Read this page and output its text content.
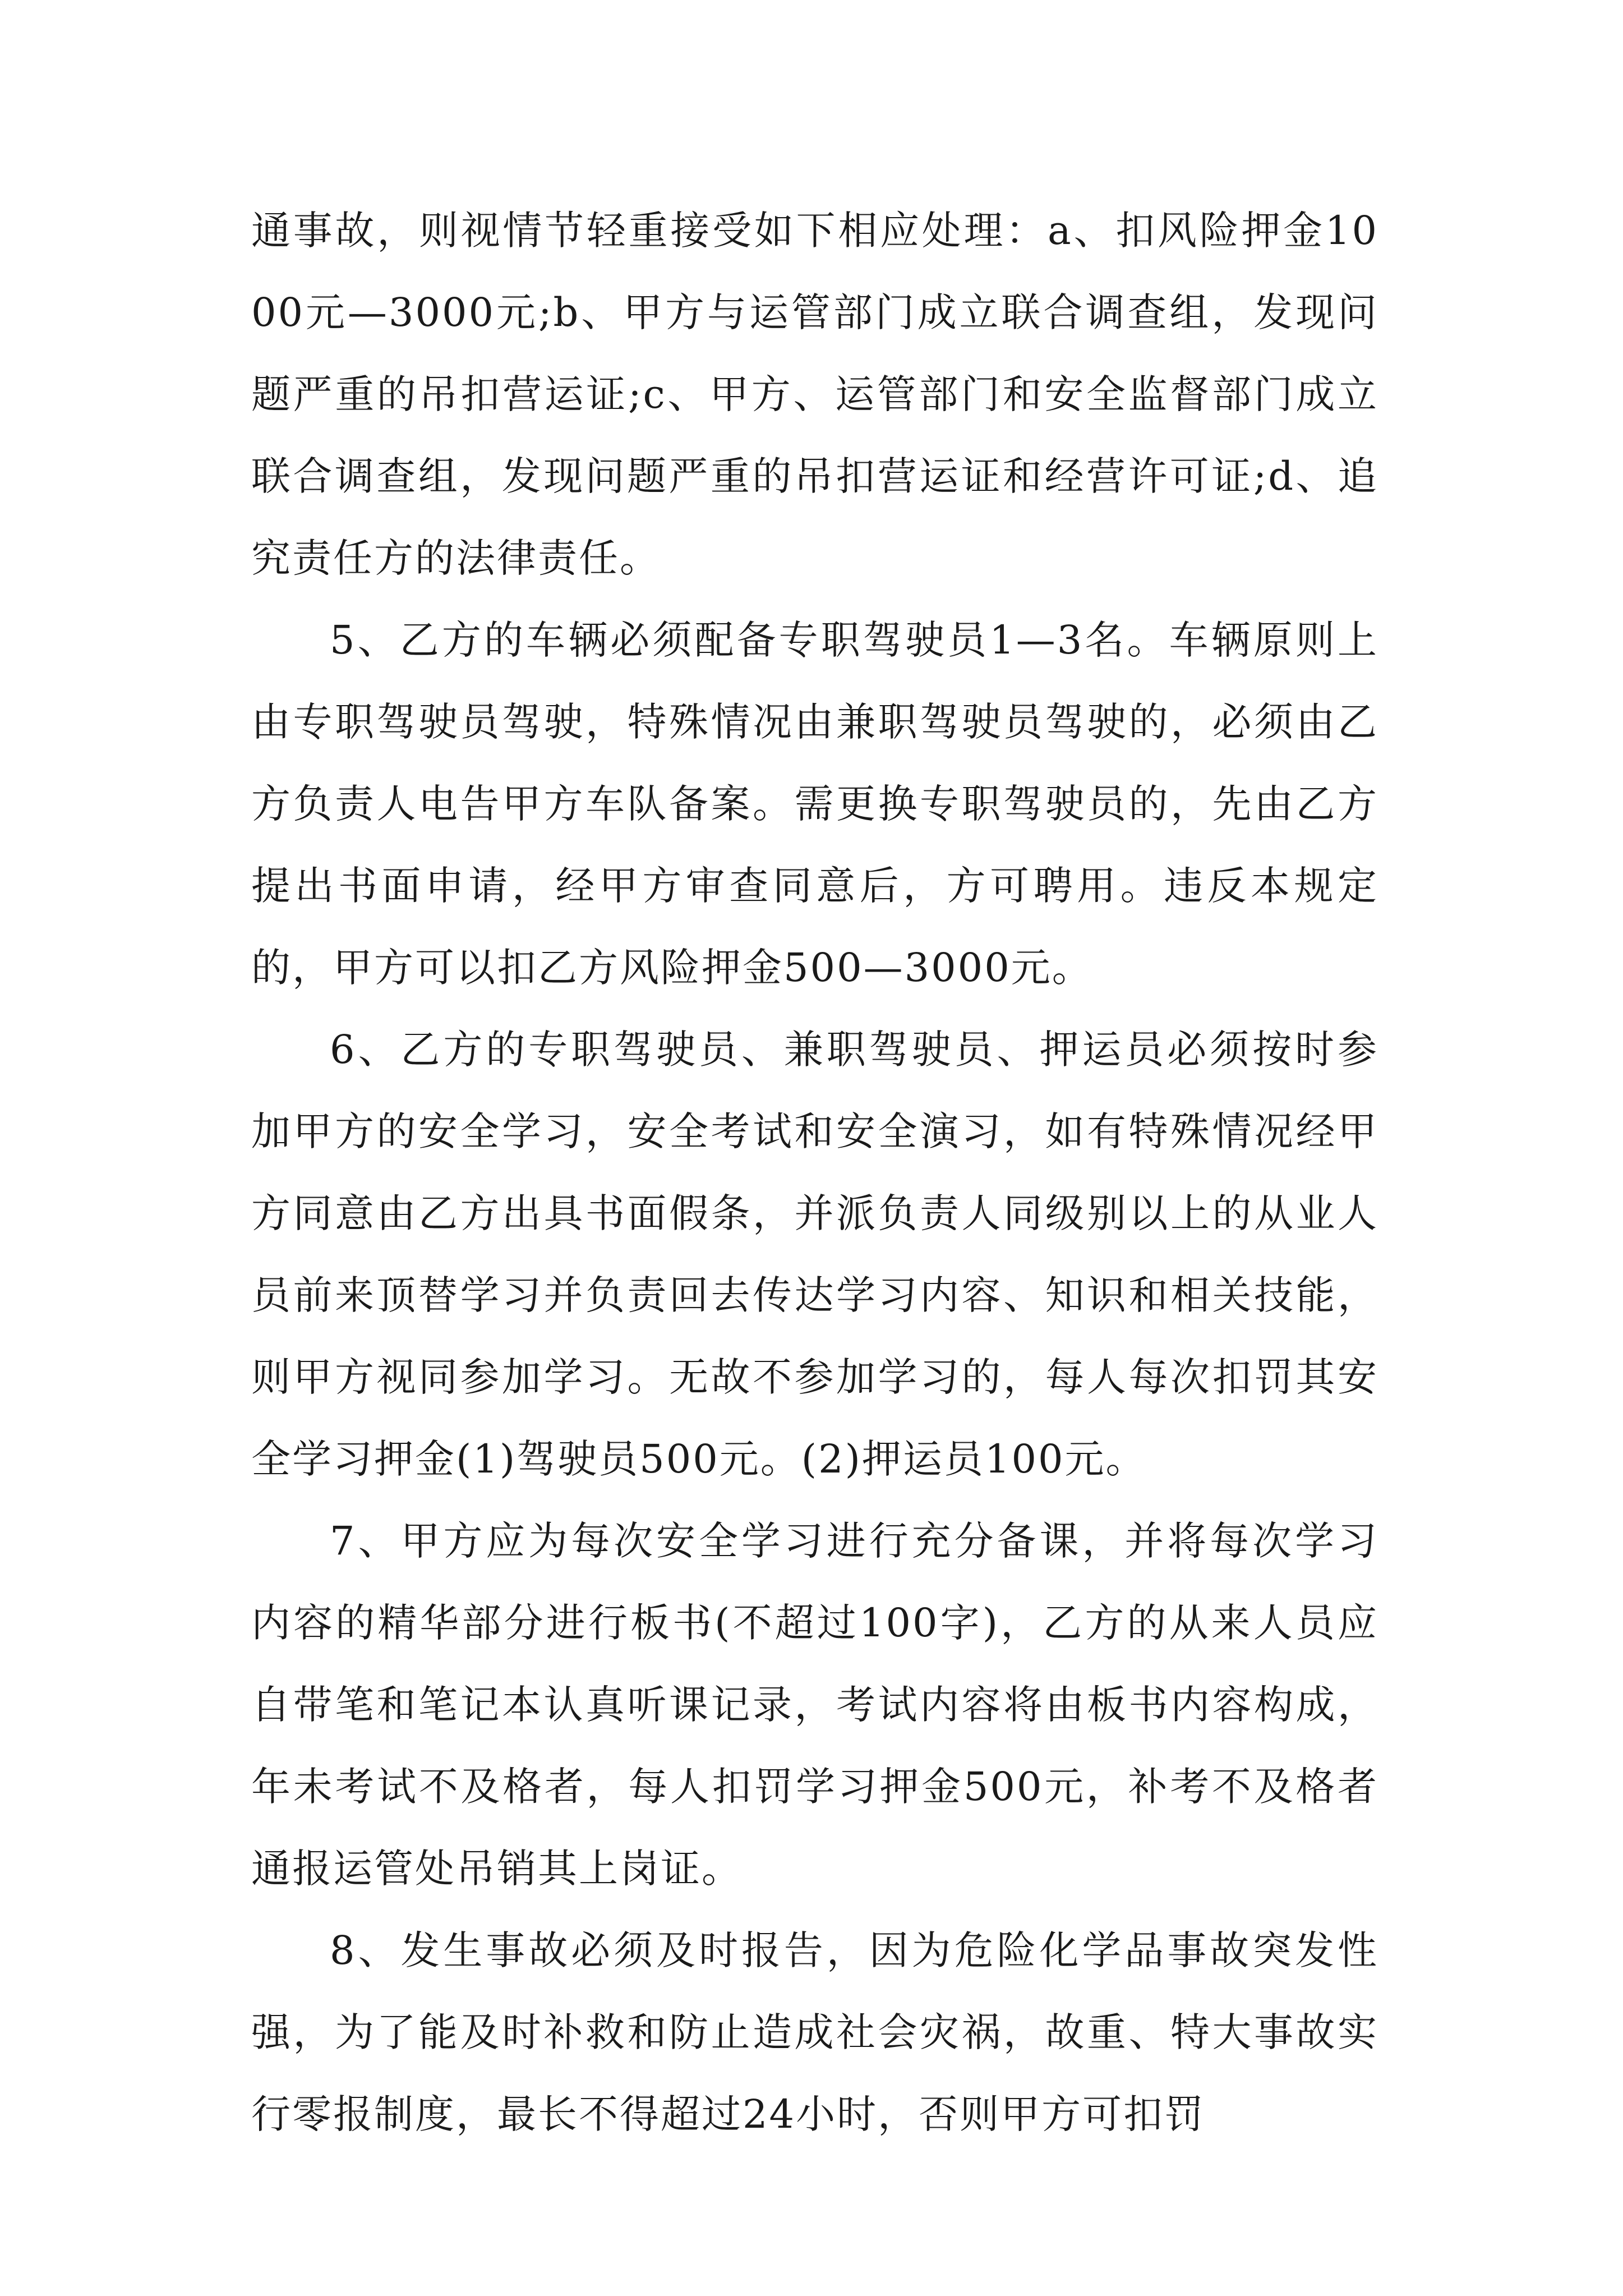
通事故，则视情节轻重接受如下相应处理：a、扣风险押金1000元—3000元;b、甲方与运管部门成立联合调查组，发现问题严重的吊扣营运证;c、甲方、运管部门和安全监督部门成立联合调查组，发现问题严重的吊扣营运证和经营许可证;d、追究责任方的法律责任。

5、乙方的车辆必须配备专职驾驶员1—3名。车辆原则上由专职驾驶员驾驶，特殊情况由兼职驾驶员驾驶的，必须由乙方负责人电告甲方车队备案。需更换专职驾驶员的，先由乙方提出书面申请，经甲方审查同意后，方可聘用。违反本规定的，甲方可以扣乙方风险押金500—3000元。

6、乙方的专职驾驶员、兼职驾驶员、押运员必须按时参加甲方的安全学习，安全考试和安全演习，如有特殊情况经甲方同意由乙方出具书面假条，并派负责人同级别以上的从业人员前来顶替学习并负责回去传达学习内容、知识和相关技能，则甲方视同参加学习。无故不参加学习的，每人每次扣罚其安全学习押金(1)驾驶员500元。(2)押运员100元。

7、甲方应为每次安全学习进行充分备课，并将每次学习内容的精华部分进行板书(不超过100字)，乙方的从来人员应自带笔和笔记本认真听课记录，考试内容将由板书内容构成，年未考试不及格者，每人扣罚学习押金500元，补考不及格者通报运管处吊销其上岗证。

8、发生事故必须及时报告，因为危险化学品事故突发性强，为了能及时补救和防止造成社会灾祸，故重、特大事故实行零报制度，最长不得超过24小时，否则甲方可扣罚
